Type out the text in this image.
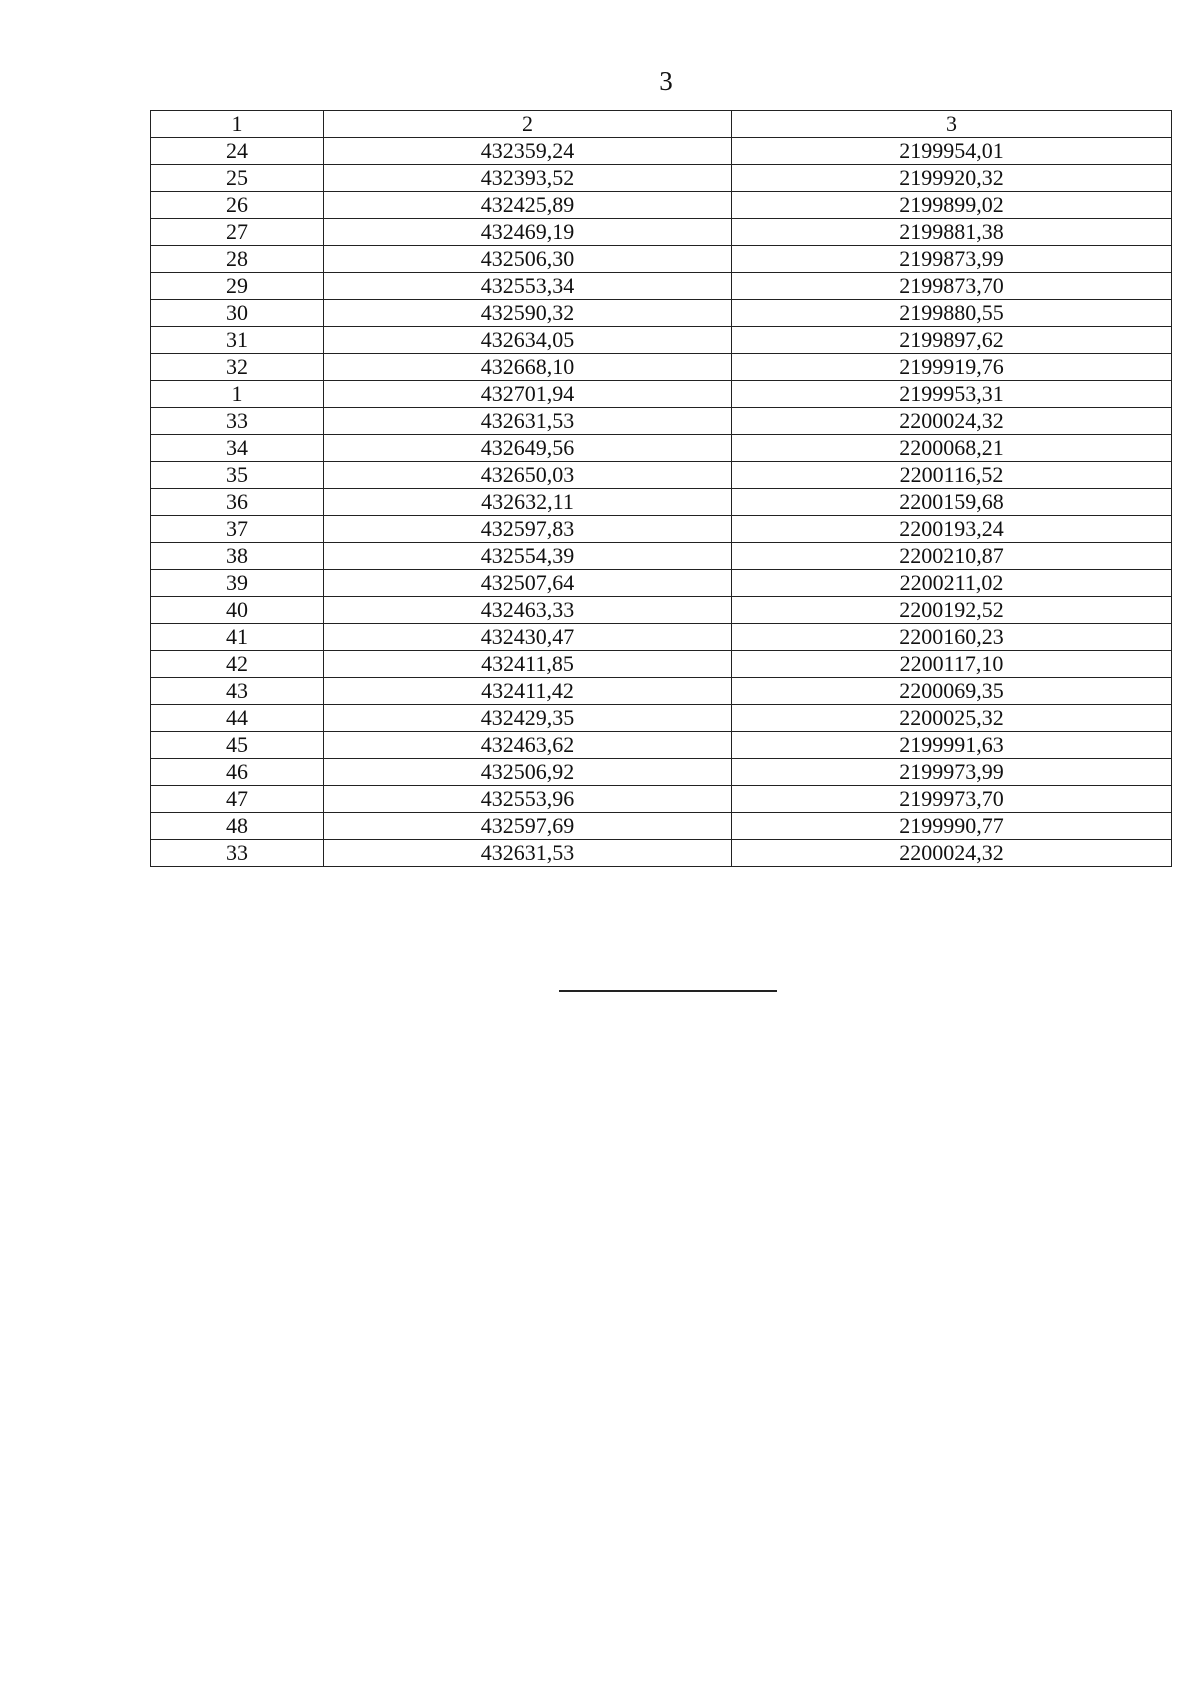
3
1	2	3
24	432359,24	2199954,01
25	432393,52	2199920,32
26	432425,89	2199899,02
27	432469,19	2199881,38
28	432506,30	2199873,99
29	432553,34	2199873,70
30	432590,32	2199880,55
31	432634,05	2199897,62
32	432668,10	2199919,76
1	432701,94	2199953,31
33	432631,53	2200024,32
34	432649,56	2200068,21
35	432650,03	2200116,52
36	432632,11	2200159,68
37	432597,83	2200193,24
38	432554,39	2200210,87
39	432507,64	2200211,02
40	432463,33	2200192,52
41	432430,47	2200160,23
42	432411,85	2200117,10
43	432411,42	2200069,35
44	432429,35	2200025,32
45	432463,62	2199991,63
46	432506,92	2199973,99
47	432553,96	2199973,70
48	432597,69	2199990,77
33	432631,53	2200024,32
